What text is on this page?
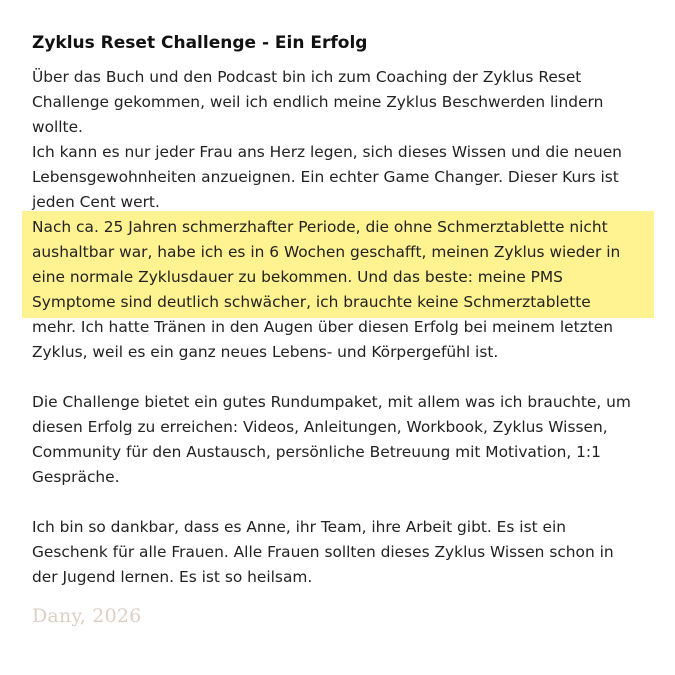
Zyklus Reset Challenge - Ein Erfolg
Über das Buch und den Podcast bin ich zum Coaching der Zyklus Reset
Challenge gekommen, weil ich endlich meine Zyklus Beschwerden lindern
wollte.
Ich kann es nur jeder Frau ans Herz legen, sich dieses Wissen und die neuen
Lebensgewohnheiten anzueignen. Ein echter Game Changer. Dieser Kurs ist
jeden Cent wert.
Nach ca. 25 Jahren schmerzhafter Periode, die ohne Schmerztablette nicht
aushaltbar war, habe ich es in 6 Wochen geschafft, meinen Zyklus wieder in
eine normale Zyklusdauer zu bekommen. Und das beste: meine PMS
Symptome sind deutlich schwächer, ich brauchte keine Schmerztablette
mehr. Ich hatte Tränen in den Augen über diesen Erfolg bei meinem letzten
Zyklus, weil es ein ganz neues Lebens- und Körpergefühl ist.
Die Challenge bietet ein gutes Rundumpaket, mit allem was ich brauchte, um
diesen Erfolg zu erreichen: Videos, Anleitungen, Workbook, Zyklus Wissen,
Community für den Austausch, persönliche Betreuung mit Motivation, 1:1
Gespräche.
Ich bin so dankbar, dass es Anne, ihr Team, ihre Arbeit gibt. Es ist ein
Geschenk für alle Frauen. Alle Frauen sollten dieses Zyklus Wissen schon in
der Jugend lernen. Es ist so heilsam.
Dany, 2026
